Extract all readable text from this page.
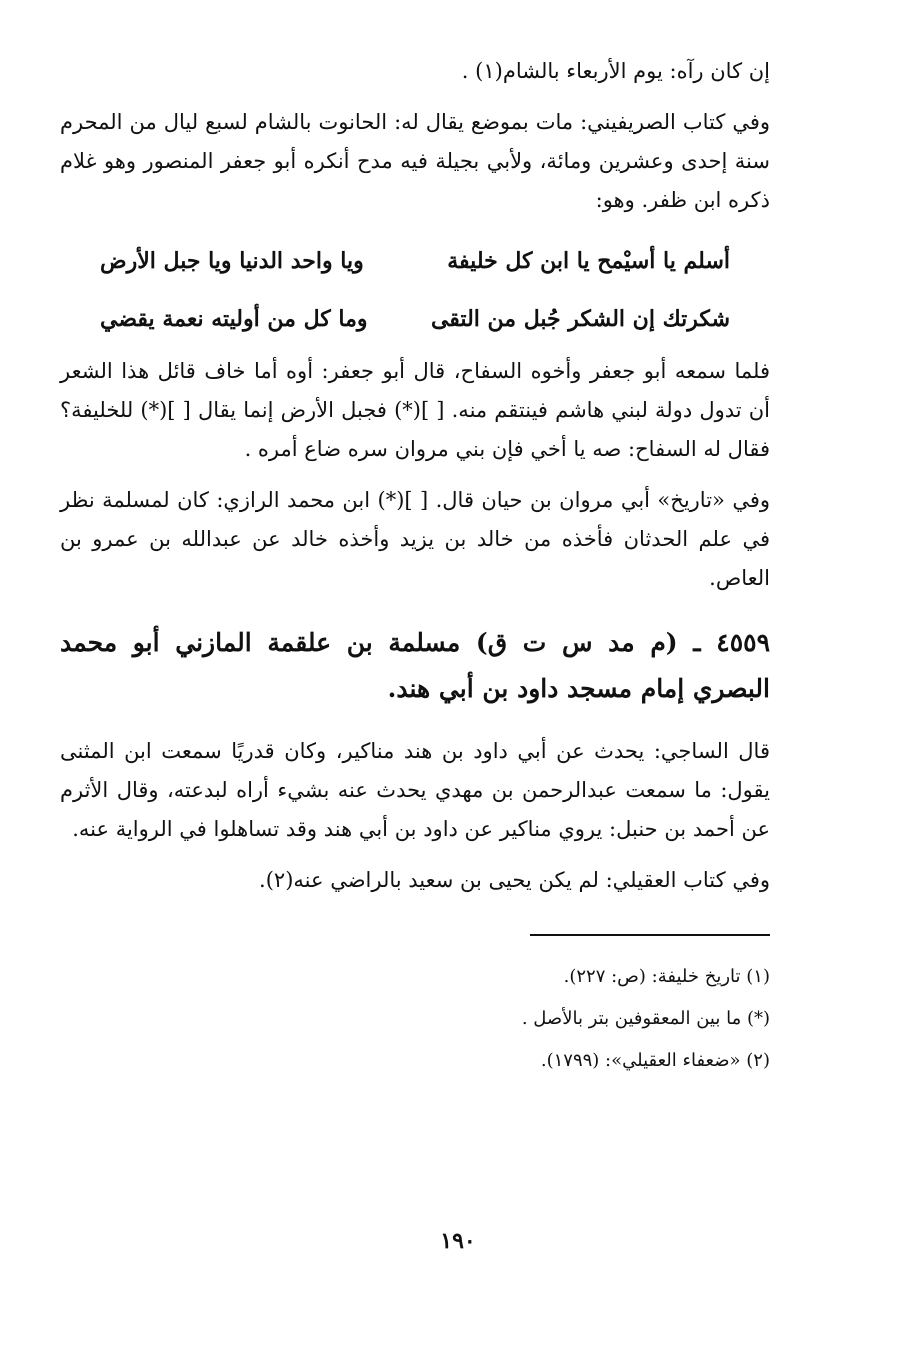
إن كان رآه: يوم الأربعاء بالشام(١) .

وفي كتاب الصريفيني: مات بموضع يقال له: الحانوت بالشام لسبع ليال من المحرم سنة إحدى وعشرين ومائة، ولأبي بجيلة فيه مدح أنكره أبو جعفر المنصور وهو غلام ذكره ابن ظفر. وهو:

أسلم يا أسيْمح يا ابن كل خليفة
ويا واحد الدنيا ويا جبل الأرض
شكرتك إن الشكر جُبل من التقى
وما كل من أوليته نعمة يقضي

فلما سمعه أبو جعفر وأخوه السفاح، قال أبو جعفر: أوه أما خاف قائل هذا الشعر أن تدول دولة لبني هاشم فينتقم منه. [ ](*) فجبل الأرض إنما يقال [ ](*) للخليفة؟ فقال له السفاح: صه يا أخي فإن بني مروان سره ضاع أمره .

وفي «تاريخ» أبي مروان بن حيان قال. [ ](*) ابن محمد الرازي: كان لمسلمة نظر في علم الحدثان فأخذه من خالد بن يزيد وأخذه خالد عن عبدالله بن عمرو بن العاص.

٤٥٥٩ ـ (م مد س ت ق) مسلمة بن علقمة المازني أبو محمد البصري إمام مسجد داود بن أبي هند.

قال الساجي: يحدث عن أبي داود بن هند مناكير، وكان قدريًا سمعت ابن المثنى يقول: ما سمعت عبدالرحمن بن مهدي يحدث عنه بشيء أراه لبدعته، وقال الأثرم عن أحمد بن حنبل: يروي مناكير عن داود بن أبي هند وقد تساهلوا في الرواية عنه.

وفي كتاب العقيلي: لم يكن يحيى بن سعيد بالراضي عنه(٢).

(١) تاريخ خليفة: (ص: ٢٢٧).

(*) ما بين المعقوفين بتر بالأصل .

(٢) «ضعفاء العقيلي»: (١٧٩٩).

١٩٠
